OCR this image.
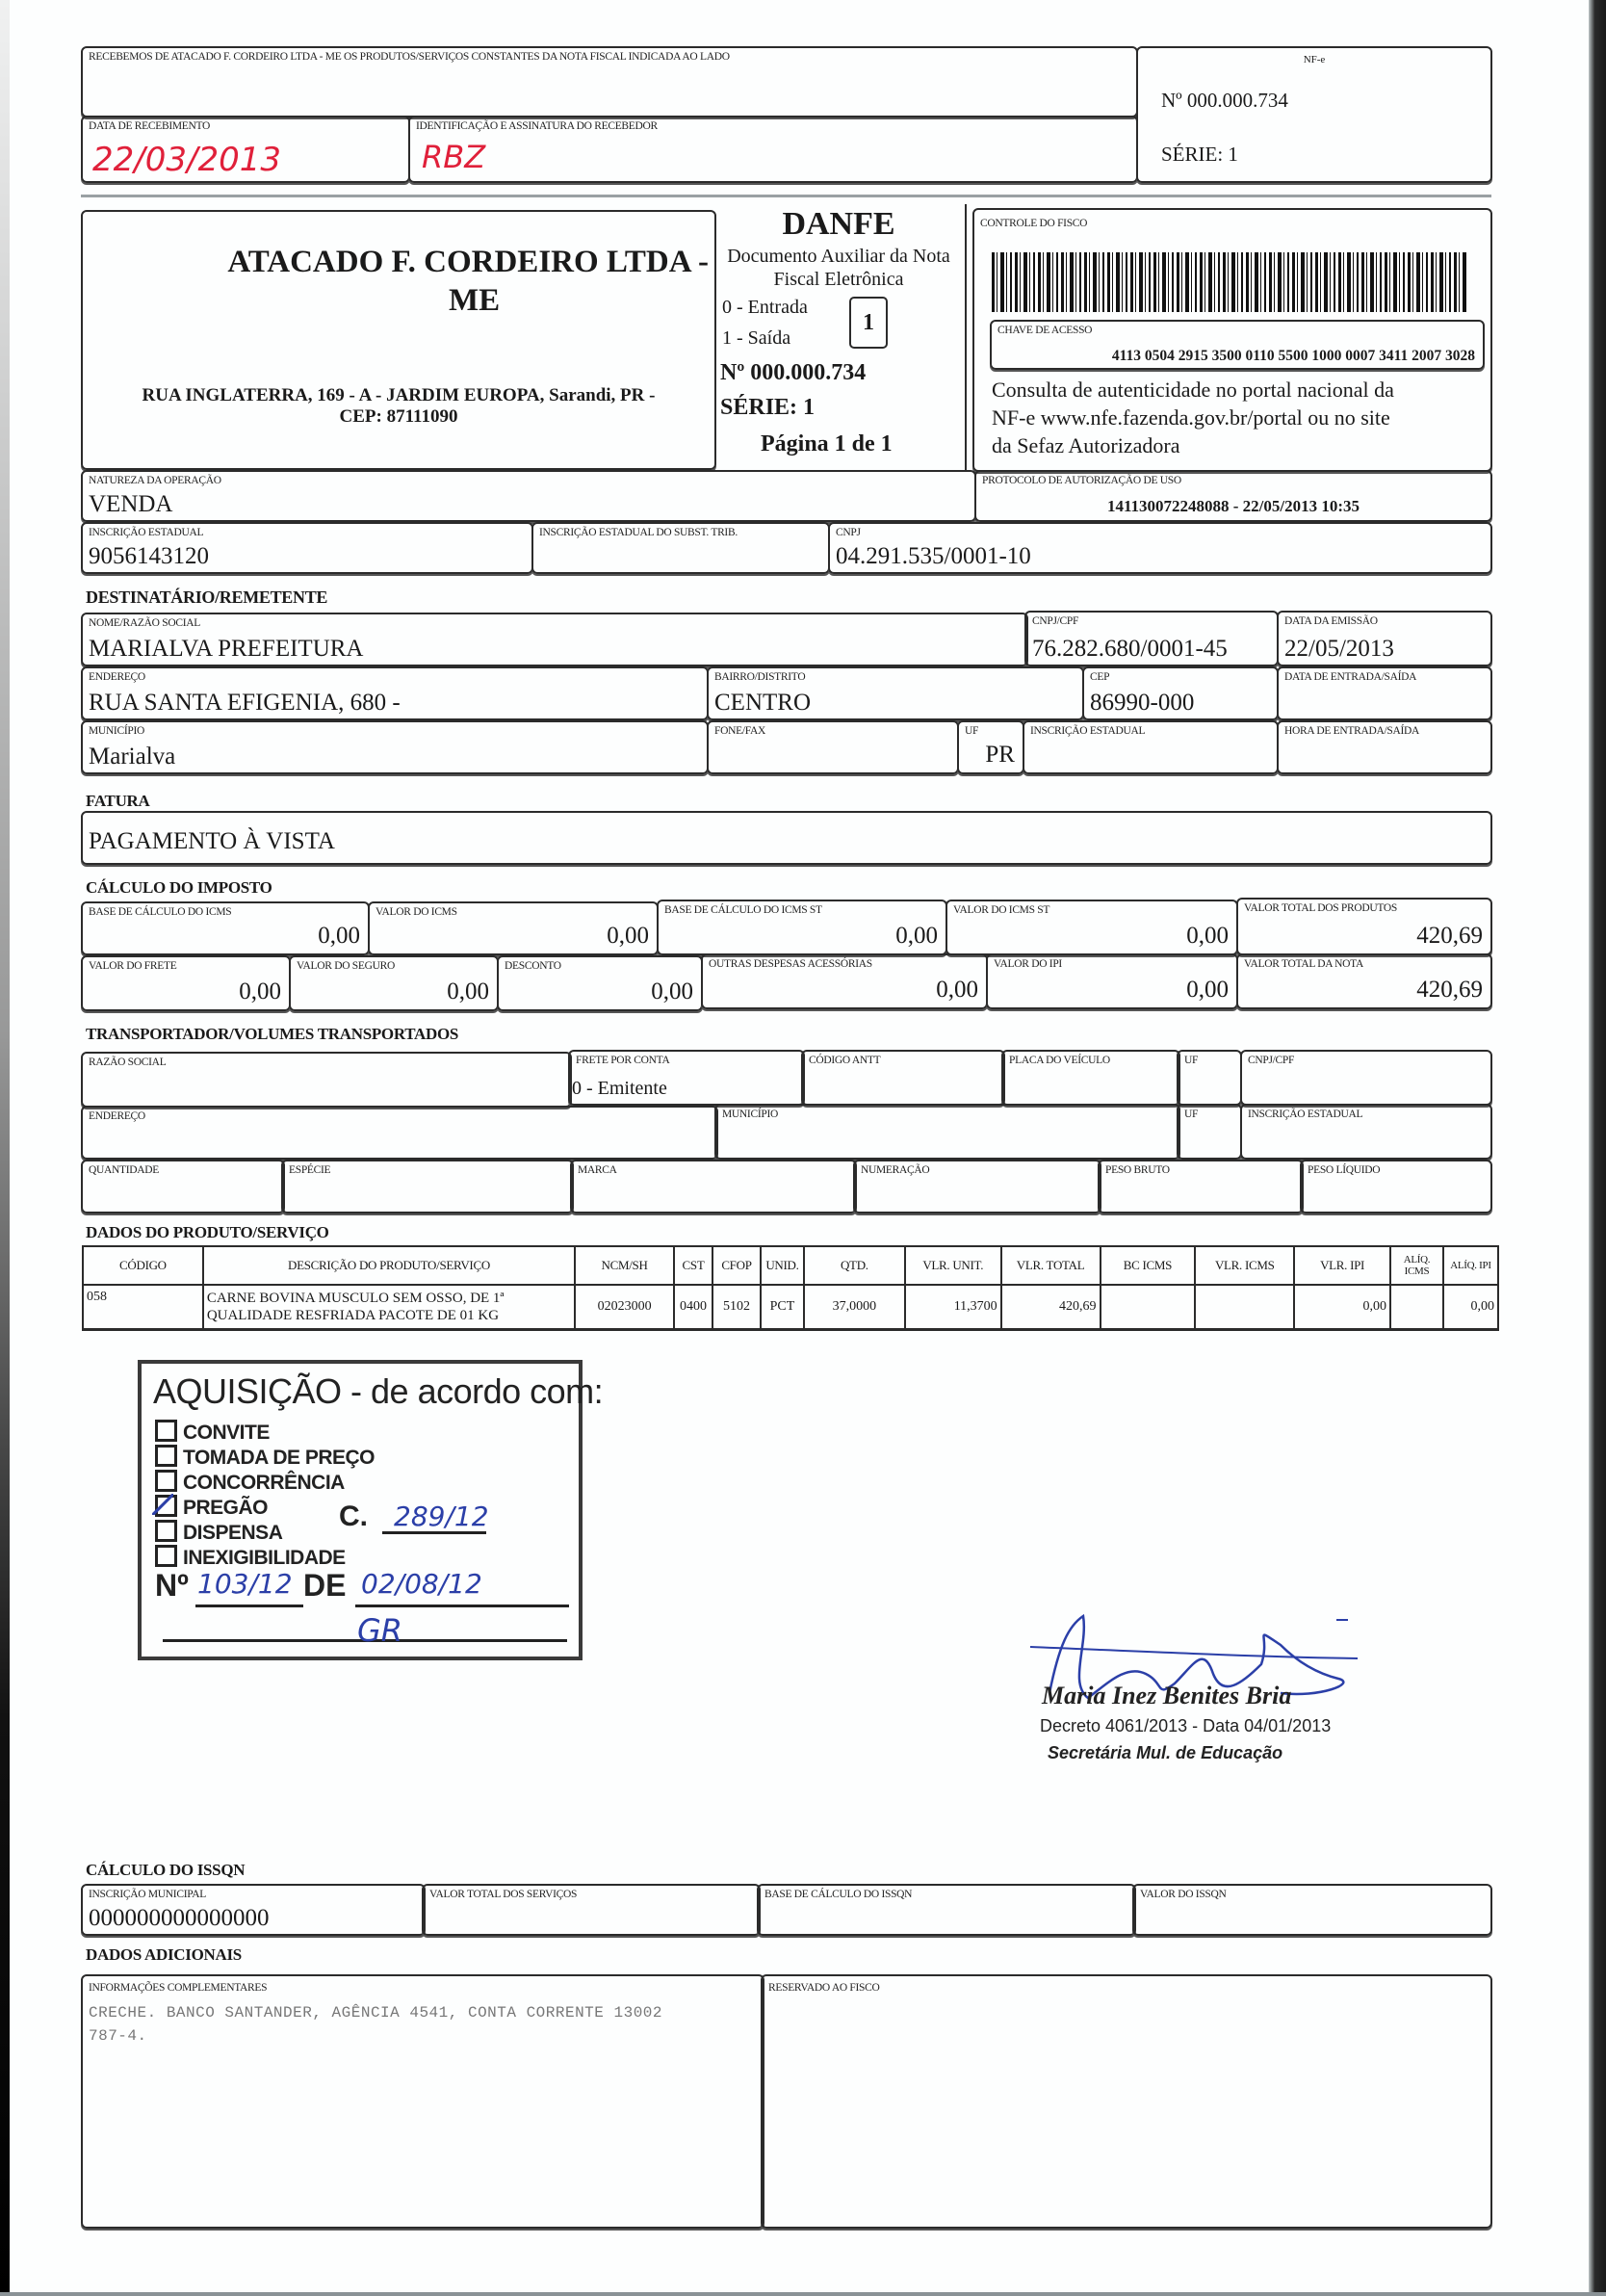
RECEBEMOS DE ATACADO F. CORDEIRO LTDA - ME OS PRODUTOS/SERVIÇOS CONSTANTES DA NOTA FISCAL INDICADA AO LADO
DATA DE RECEBIMENTO
22/03/2013
IDENTIFICAÇÃO E ASSINATURA DO RECEBEDOR
RBZ
NF-e
Nº 000.000.734
SÉRIE: 1
ATACADO F. CORDEIRO LTDA -
ME
RUA INGLATERRA, 169 - A - JARDIM EUROPA, Sarandi, PR -
CEP: 87111090
DANFE
Documento Auxiliar da Nota
Fiscal Eletrônica
0 - Entrada
1 - Saída
1
Nº 000.000.734
SÉRIE: 1
Página 1 de 1
CONTROLE DO FISCO
CHAVE DE ACESSO
4113 0504 2915 3500 0110 5500 1000 0007 3411 2007 3028
Consulta de autenticidade no portal nacional da
NF-e www.nfe.fazenda.gov.br/portal ou no site
da Sefaz Autorizadora
NATUREZA DA OPERAÇÃO
VENDA
PROTOCOLO DE AUTORIZAÇÃO DE USO
141130072248088 - 22/05/2013 10:35
INSCRIÇÃO ESTADUAL
9056143120
INSCRIÇÃO ESTADUAL DO SUBST. TRIB.	CNPJ
04.291.535/0001-10
DESTINATÁRIO/REMETENTE
NOME/RAZÃO SOCIAL
MARIALVA PREFEITURA
CNPJ/CPF
76.282.680/0001-45
DATA DA EMISSÃO
22/05/2013
ENDEREÇO
RUA SANTA EFIGENIA, 680 -
BAIRRO/DISTRITO
CENTRO
CEP
86990-000
DATA DE ENTRADA/SAÍDA
MUNICÍPIO
Marialva
FONE/FAX	UF
PR
INSCRIÇÃO ESTADUAL	HORA DE ENTRADA/SAÍDA
FATURA
PAGAMENTO À VISTA
CÁLCULO DO IMPOSTO
BASE DE CÁLCULO DO ICMS
0,00
VALOR DO ICMS
0,00
BASE DE CÁLCULO DO ICMS ST
0,00
VALOR DO ICMS ST
0,00
VALOR TOTAL DOS PRODUTOS
420,69
VALOR DO FRETE
0,00
VALOR DO SEGURO
0,00
DESCONTO
0,00
OUTRAS DESPESAS ACESSÓRIAS
0,00
VALOR DO IPI
0,00
VALOR TOTAL DA NOTA
420,69
TRANSPORTADOR/VOLUMES TRANSPORTADOS
RAZÃO SOCIAL	FRETE POR CONTA
0 - Emitente
CÓDIGO ANTT	PLACA DO VEÍCULO	UF	CNPJ/CPF
ENDEREÇO	MUNICÍPIO	UF	INSCRIÇÃO ESTADUAL
QUANTIDADE	ESPÉCIE	MARCA	NUMERAÇÃO	PESO BRUTO	PESO LÍQUIDO
DADOS DO PRODUTO/SERVIÇO
CÓDIGO	DESCRIÇÃO DO PRODUTO/SERVIÇO	NCM/SH	CST	CFOP	UNID.	QTD.	VLR. UNIT.	VLR. TOTAL	BC ICMS	VLR. ICMS	VLR. IPI	ALÍQ. ICMS	ALÍQ. IPI
058	CARNE BOVINA MUSCULO SEM OSSO, DE 1ª QUALIDADE RESFRIADA PACOTE DE 01 KG	02023000	0400	5102	PCT	37,0000	11,3700	420,69			0,00		0,00
AQUISIÇÃO - de acordo com:
CONVITE
TOMADA DE PREÇO
CONCORRÊNCIA
PREGÃO
DISPENSA
INEXIGIBILIDADE
C. 289/12
Nº 103/12 DE 02/08/12
GR
Maria Inez Benites Bria
Decreto 4061/2013 - Data 04/01/2013
Secretária Mul. de Educação
CÁLCULO DO ISSQN
INSCRIÇÃO MUNICIPAL
000000000000000
VALOR TOTAL DOS SERVIÇOS	BASE DE CÁLCULO DO ISSQN	VALOR DO ISSQN
DADOS ADICIONAIS
INFORMAÇÕES COMPLEMENTARES
CRECHE. BANCO SANTANDER, AGÊNCIA 4541, CONTA CORRENTE 13002
787-4.
RESERVADO AO FISCO
